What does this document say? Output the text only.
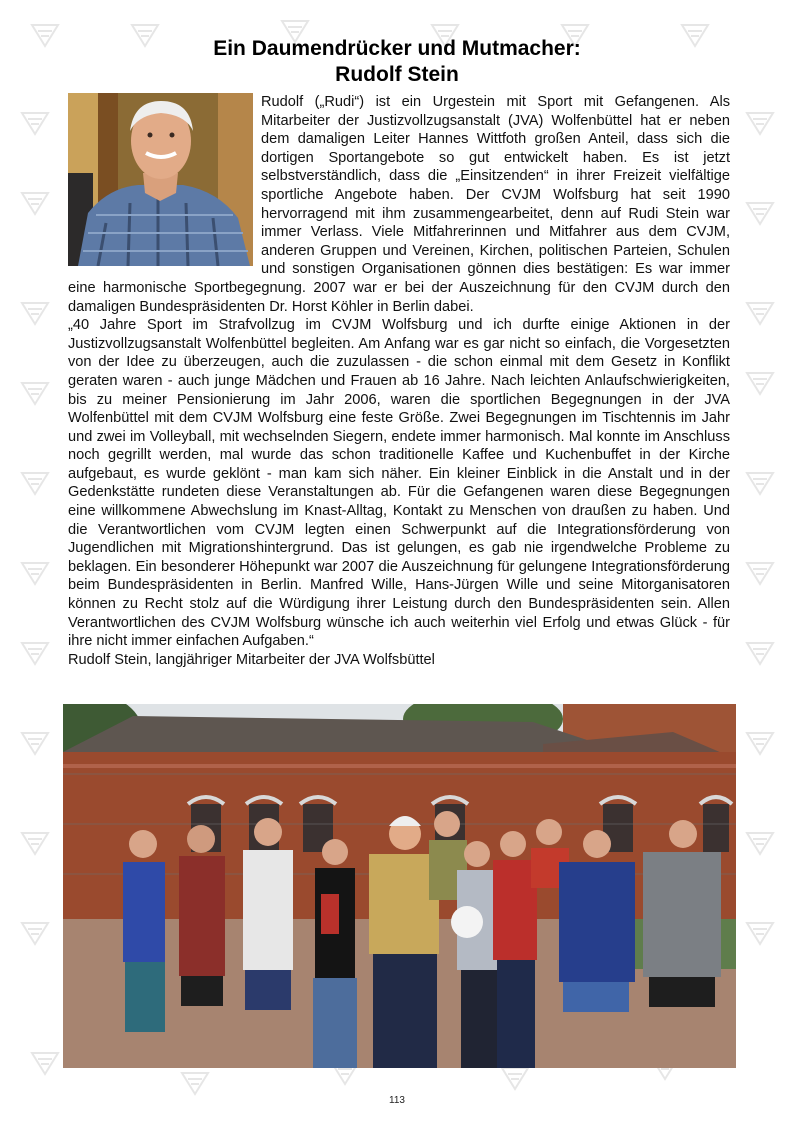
Ein Daumendrücker und Mutmacher:
Rudolf Stein

Rudolf („Rudi“) ist ein Urgestein mit Sport mit Gefangenen. Als Mitarbeiter der Justizvollzugsanstalt (JVA) Wolfenbüttel hat er neben dem damaligen Leiter Hannes Wittfoth großen Anteil, dass sich die dortigen Sportangebote so gut entwickelt haben. Es ist jetzt selbstverständlich, dass die „Einsitzenden“ in ihrer Freizeit vielfältige sportliche Angebote haben. Der CVJM Wolfsburg hat seit 1990 hervorragend mit ihm zusammengearbeitet, denn auf Rudi Stein war immer Verlass. Viele Mitfahrerinnen und Mitfahrer aus dem CVJM, anderen Gruppen und Vereinen, Kirchen, politischen Parteien, Schulen und sonstigen Organisationen gönnen dies bestätigen: Es war immer eine harmonische Sportbegegnung. 2007 war er bei der Auszeichnung für den CVJM durch den damaligen Bundespräsidenten Dr. Horst Köhler in Berlin dabei.

„40 Jahre Sport im Strafvollzug im CVJM Wolfsburg und ich durfte einige Aktionen in der Justizvollzugsanstalt Wolfenbüttel begleiten. Am Anfang war es gar nicht so einfach, die Vorgesetzten von der Idee zu überzeugen, auch die zuzulassen - die schon einmal mit dem Gesetz in Konflikt geraten waren - auch junge Mädchen und Frauen ab 16 Jahre. Nach leichten Anlaufschwierigkeiten, bis zu meiner Pensionierung im Jahr 2006, waren die sportlichen Begegnungen in der JVA Wolfenbüttel mit dem CVJM Wolfsburg eine feste Größe. Zwei Begegnungen im Tischtennis im Jahr und zwei im Volleyball, mit wechselnden Siegern, endete immer harmonisch. Mal konnte im Anschluss noch gegrillt werden, mal wurde das schon traditionelle Kaffee und Kuchenbuffet in der Kirche aufgebaut, es wurde geklönt - man kam sich näher. Ein kleiner Einblick in die Anstalt und in der Gedenkstätte rundeten diese Veranstaltungen ab. Für die Gefangenen waren diese Begegnungen eine willkommene Abwechslung im Knast-Alltag, Kontakt zu Menschen von draußen zu haben. Und die Verantwortlichen vom CVJM legten einen Schwerpunkt auf die Integrationsförderung von Jugendlichen mit Migrationshintergrund. Das ist gelungen, es gab nie irgendwelche Probleme zu beklagen. Ein besonderer Höhepunkt war 2007 die Auszeichnung für gelungene Integrationsförderung beim Bundespräsidenten in Berlin. Manfred Wille, Hans-Jürgen Wille und seine Mitorganisatoren können zu Recht stolz auf die Würdigung ihrer Leistung durch den Bundespräsidenten sein. Allen Verantwortlichen des CVJM Wolfsburg wünsche ich auch weiterhin viel Erfolg und etwas Glück - für ihre nicht immer einfachen Aufgaben.“

Rudolf Stein, langjähriger Mitarbeiter der JVA Wolfsbüttel

113
